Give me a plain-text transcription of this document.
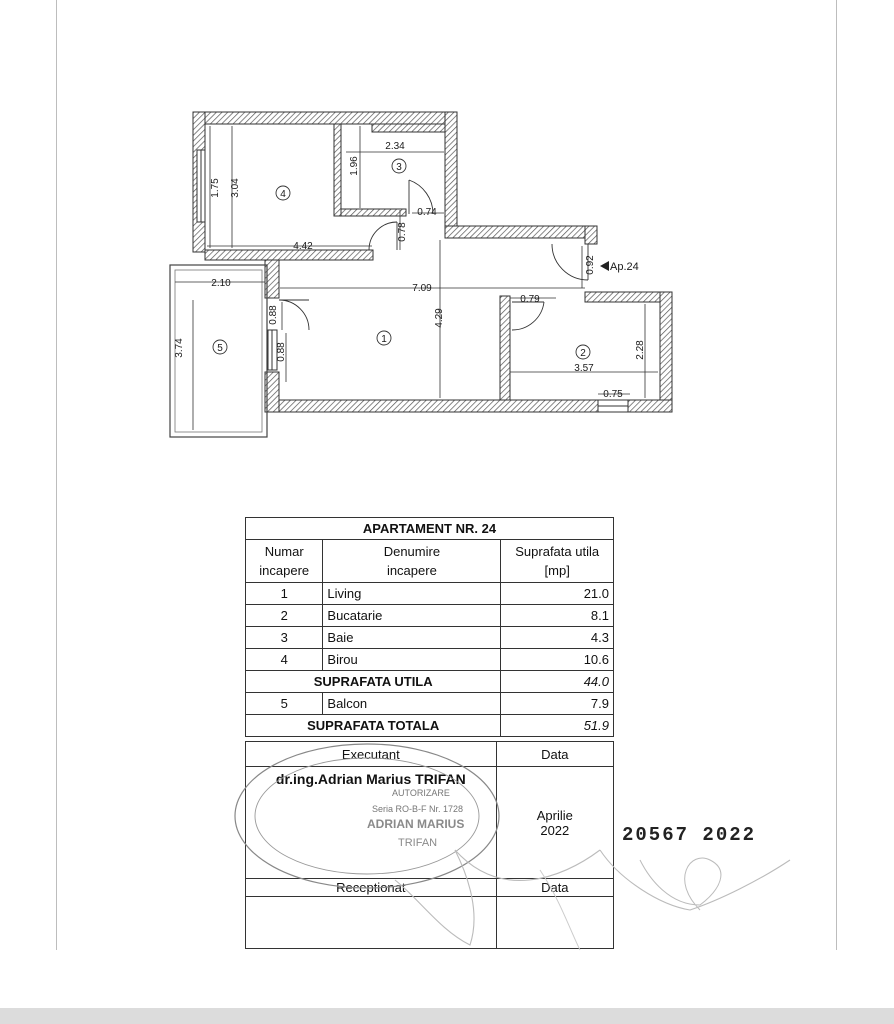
1.75 3.04
1.96
2.34
0.74
0.78
4.42
0.92
2.10	7.09
0.79
0.88	4.29
3.74	0.88	2.28
3.57
0.75
4
3
1
2
5
Ap.24
APARTAMENT NR. 24		
Numar
incapere	Denumire
incapere	Suprafata utila
[mp]
1	Living	21.0
2	Bucatarie	8.1
3	Baie	4.3
4	Birou	10.6
SUPRAFATA UTILA		44.0
5	Balcon	7.9
SUPRAFATA TOTALA		51.9
Executant	Data
dr.ing.Adrian Marius TRIFAN	Aprilie
2022
Receptionat	Data

AUTORIZARE
Seria RO-B-F Nr. 1728
ADRIAN MARIUS
TRIFAN	20567 2022
